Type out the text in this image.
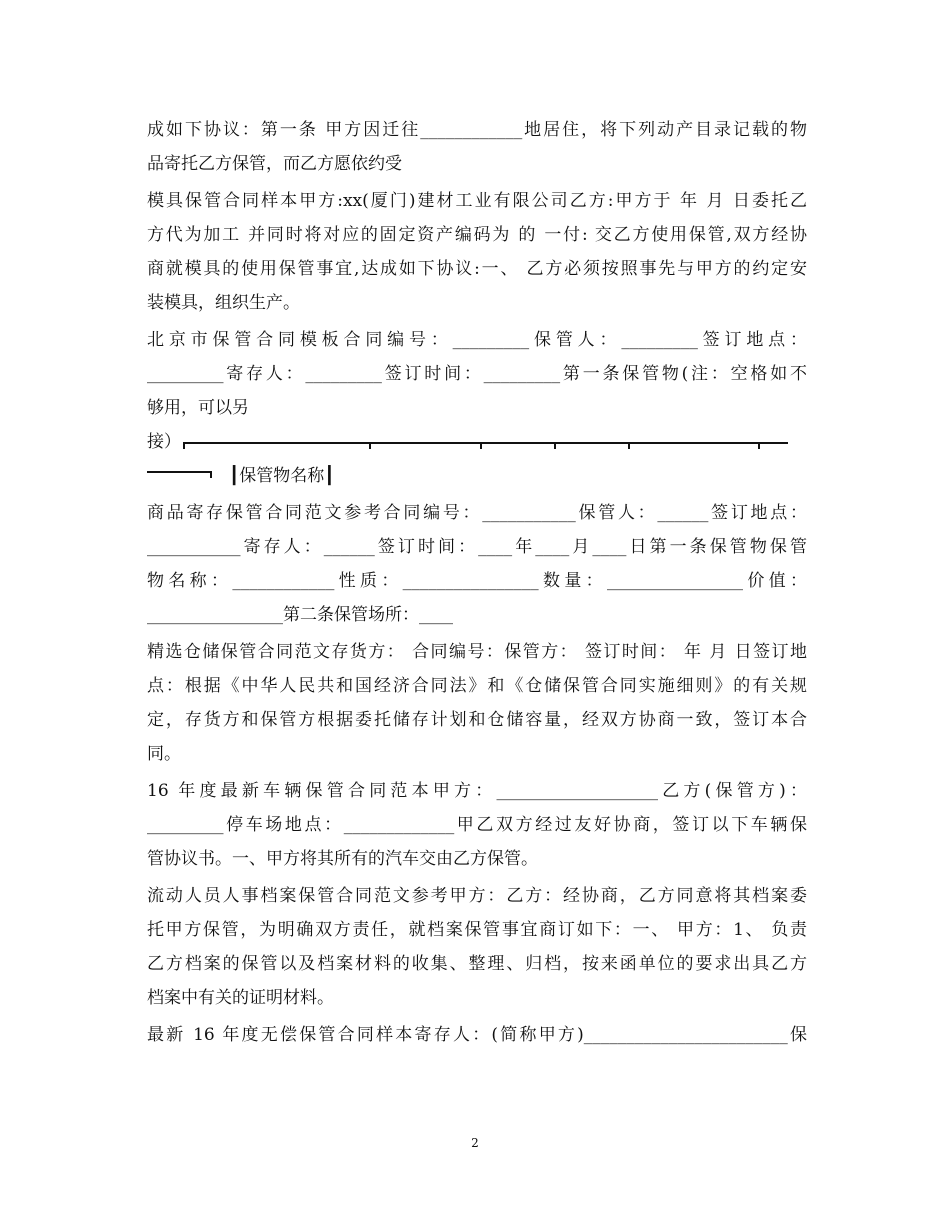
成如下协议：第一条 甲方因迁往____________地居住，将下列动产目录记载的物
品寄托乙方保管，而乙方愿依约受
模具保管合同样本甲方:xx(厦门)建材工业有限公司乙方:甲方于 年 月 日委托乙
方代为加工 并同时将对应的固定资产编码为 的 一付: 交乙方使用保管,双方经协
商就模具的使用保管事宜,达成如下协议:一、 乙方必须按照事先与甲方的约定安
装模具，组织生产。
北京市保管合同模板合同编号：_________保管人：_________签订地点：
_________寄存人：_________签订时间：_________第一条保管物(注：空格如不
够用，可以另
接）
┃保管物名称┃
商品寄存保管合同范文参考合同编号：___________保管人：______签订地点：
___________寄存人：______签订时间：____年____月____日第一条保管物保管
物名称：____________性质：________________数量：________________价值：
________________第二条保管场所：____
精选仓储保管合同范文存货方： 合同编号：保管方： 签订时间： 年 月 日签订地
点：根据《中华人民共和国经济合同法》和《仓储保管合同实施细则》的有关规
定，存货方和保管方根据委托储存计划和仓储容量，经双方协商一致，签订本合
同。
16 年度最新车辆保管合同范本甲方：___________________乙方(保管方)：
_________停车场地点：_____________甲乙双方经过友好协商，签订以下车辆保
管协议书。一、甲方将其所有的汽车交由乙方保管。
流动人员人事档案保管合同范文参考甲方：乙方：经协商，乙方同意将其档案委
托甲方保管，为明确双方责任，就档案保管事宜商订如下：一、 甲方：1、 负责
乙方档案的保管以及档案材料的收集、整理、归档，按来函单位的要求出具乙方
档案中有关的证明材料。
最新 16 年度无偿保管合同样本寄存人：(简称甲方)________________________保
2
